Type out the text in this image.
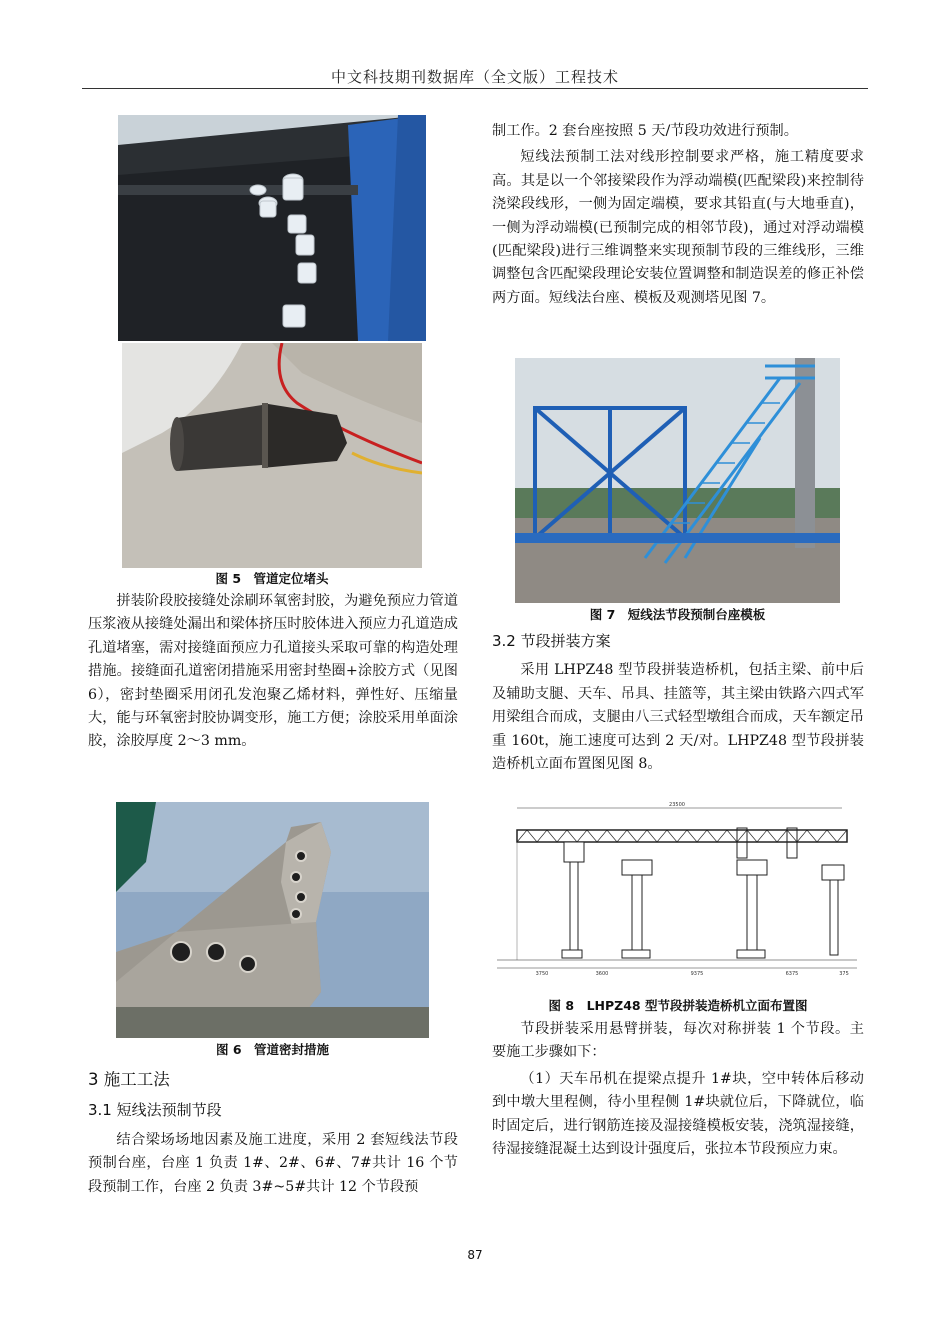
中文科技期刊数据库（全文版）工程技术
图 5　管道定位堵头

拼装阶段胶接缝处涂刷环氧密封胶，为避免预应力管道压浆液从接缝处漏出和梁体挤压时胶体进入预应力孔道造成孔道堵塞，需对接缝面预应力孔道接头采取可靠的构造处理措施。接缝面孔道密闭措施采用密封垫圈+涂胶方式（见图6），密封垫圈采用闭孔发泡聚乙烯材料，弹性好、压缩量大，能与环氧密封胶协调变形，施工方便；涂胶采用单面涂胶，涂胶厚度 2～3 mm。

图 6　管道密封措施

3 施工工法

3.1 短线法预制节段

结合梁场场地因素及施工进度，采用 2 套短线法节段预制台座，台座 1 负责 1#、2#、6#、7#共计 16 个节段预制工作，台座 2 负责 3#~5#共计 12 个节段预

制工作。2 套台座按照 5 天/节段功效进行预制。

短线法预制工法对线形控制要求严格，施工精度要求高。其是以一个邻接梁段作为浮动端模(匹配梁段)来控制待浇梁段线形，一侧为固定端模，要求其铅直(与大地垂直)，一侧为浮动端模(已预制完成的相邻节段)，通过对浮动端模(匹配梁段)进行三维调整来实现预制节段的三维线形，三维调整包含匹配梁段理论安装位置调整和制造误差的修正补偿两方面。短线法台座、模板及观测塔见图 7。

图 7　短线法节段预制台座模板

3.2 节段拼装方案

采用 LHPZ48 型节段拼装造桥机，包括主梁、前中后及辅助支腿、天车、吊具、挂篮等，其主梁由铁路六四式军用梁组合而成，支腿由八三式轻型墩组合而成，天车额定吊重 160t，施工速度可达到 2 天/对。LHPZ48 型节段拼装造桥机立面布置图见图 8。

23500
3750	3600	9375	6375	375
图 8　LHPZ48 型节段拼装造桥机立面布置图

节段拼装采用悬臂拼装，每次对称拼装 1 个节段。主要施工步骤如下：

（1）天车吊机在提梁点提升 1#块，空中转体后移动到中墩大里程侧，待小里程侧 1#块就位后，下降就位，临时固定后，进行钢筋连接及湿接缝模板安装，浇筑湿接缝，待湿接缝混凝土达到设计强度后，张拉本节段预应力束。

87
